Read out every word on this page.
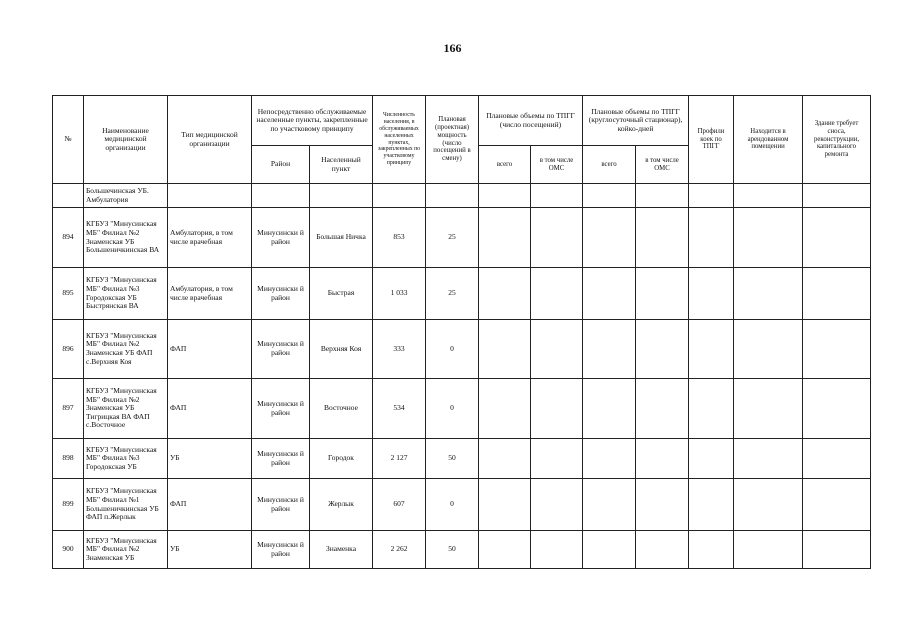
166
№	Наименование медицинской организации	Тип медицинской организации	Непосредственно обслуживаемые населенные пункты, закрепленные по участковому принципу		Численность населения, в обслуживаемых населенных пунктах, закрепленных по участковому принципу	Плановая (проектная) мощность (число посещений в смену)	Плановые объемы по ТПГГ (число посещений)		Плановые объемы по ТПГГ (круглосуточный стационар), койко-дней		Профили коек по ТПГГ	Находится в арендованном помещении	Здание требует сноса, реконструкции, капитального ремонта
			Район	Населенный пункт			всего	в том числе ОМС	всего	в том числе ОМС			
	Большечинская УБ. Амбулатория												
894	КГБУЗ "Минусинская МБ" Филиал №2 Знаменская УБ Большеничкинская ВА	Амбулатория, в том числе врачебная	Минусински й район	Большая Ничка	853	25							
895	КГБУЗ "Минусинская МБ" Филиал №3 Городокская УБ Быстрянская ВА	Амбулатория, в том числе врачебная	Минусински й район	Быстрая	1 033	25							
896	КГБУЗ "Минусинская МБ" Филиал №2 Знаменская УБ ФАП с.Верхняя Коя	ФАП	Минусински й район	Верхняя Коя	333	0							
897	КГБУЗ "Минусинская МБ" Филиал №2 Знаменская УБ Тигрицкая ВА ФАП с.Восточное	ФАП	Минусински й район	Восточное	534	0							
898	КГБУЗ "Минусинская МБ" Филиал №3 Городокская УБ	УБ	Минусински й район	Городок	2 127	50							
899	КГБУЗ "Минусинская МБ" Филиал №1 Большеничкинская УБ ФАП п.Жерлык	ФАП	Минусински й район	Жерлык	607	0							
900	КГБУЗ "Минусинская МБ" Филиал №2 Знаменская УБ	УБ	Минусински й район	Знаменка	2 262	50							
